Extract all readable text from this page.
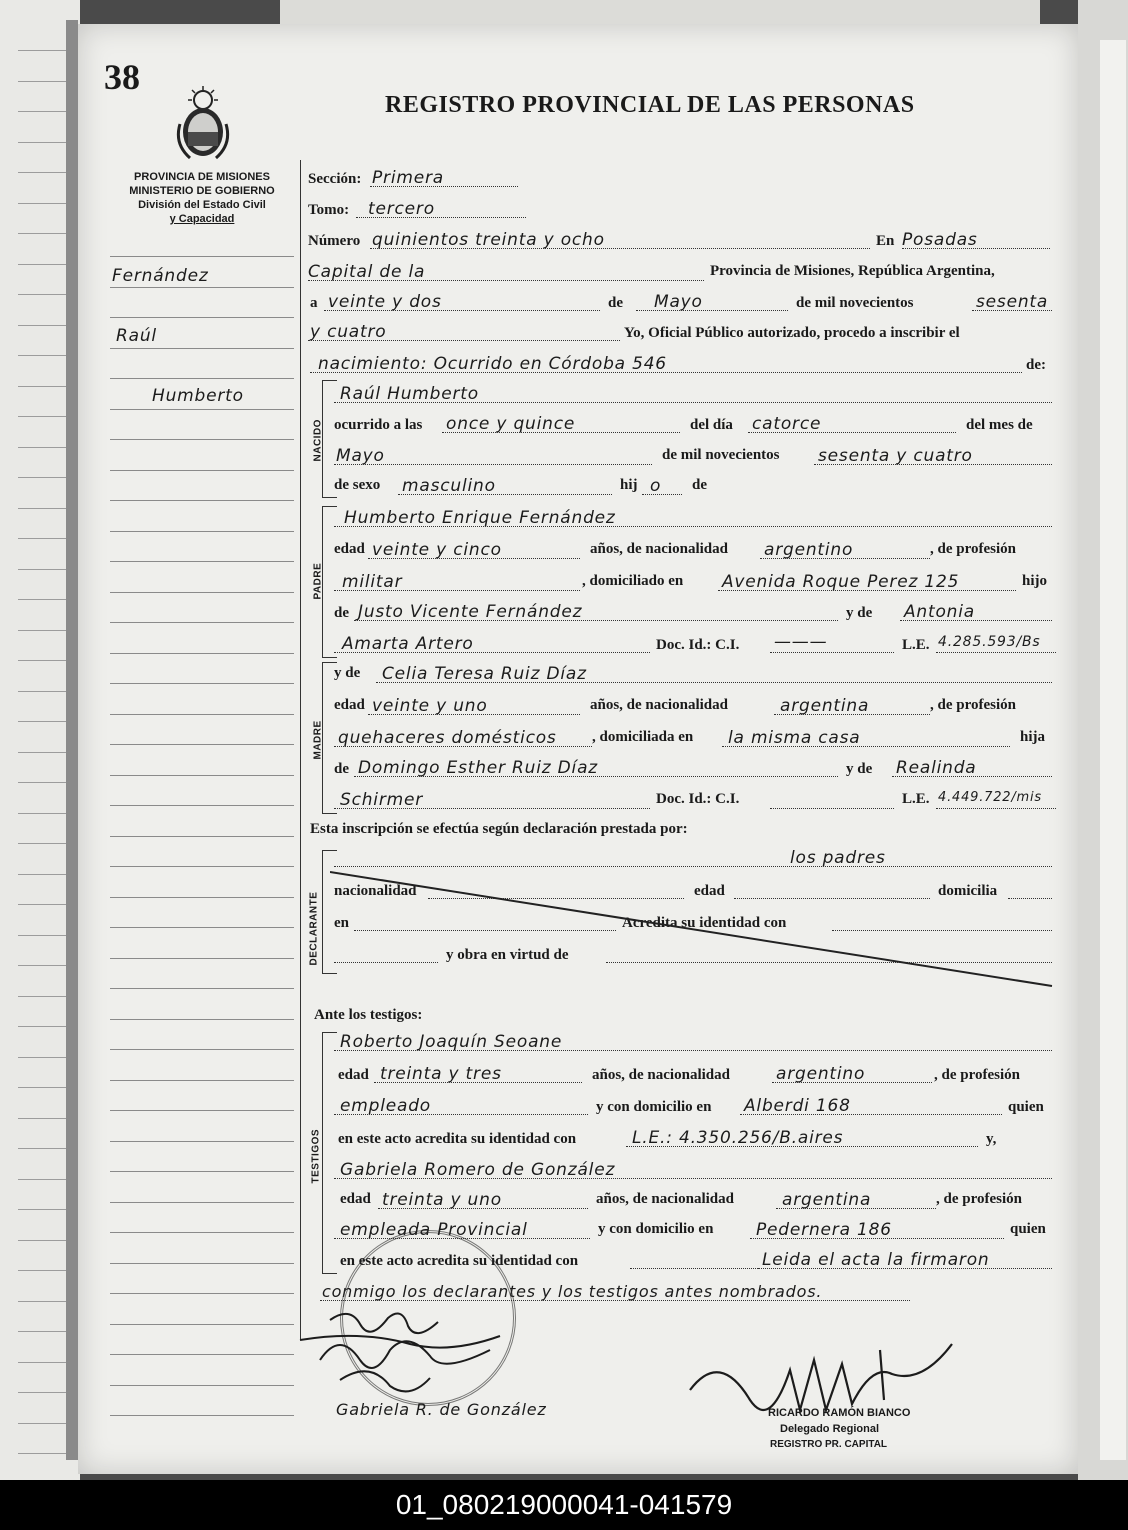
38
REGISTRO PROVINCIAL DE LAS PERSONAS
PROVINCIA DE MISIONES
MINISTERIO DE GOBIERNO
División del Estado Civil
y Capacidad
Fernández
Raúl
Humberto
Sección: Primera
Tomo: tercero
Número quinientos treinta y ocho	En Posadas
Capital de la	Provincia de Misiones, República Argentina,
a veinte y dos	de Mayo	de mil novecientos	sesenta
y cuatro	Yo, Oficial Público autorizado, procedo a inscribir el
nacimiento: Ocurrido en Córdoba 546	de:
NACIDO
Raúl Humberto
ocurrido a las once y quince	del día catorce	del mes de
Mayo	de mil novecientos sesenta y cuatro
de sexo masculino	hij o de
PADRE
Humberto Enrique Fernández
edad veinte y cinco	años, de nacionalidad argentino	, de profesión
militar	, domiciliado en Avenida Roque Perez 125	hijo
de Justo Vicente Fernández	y de Antonia
Amarta Artero	Doc. Id.: C.I. ———	L.E. 4.285.593/Bs
MADRE
y de Celia Teresa Ruiz Díaz
edad veinte y uno	años, de nacionalidad	argentina	, de profesión
quehaceres domésticos , domiciliada en la misma casa	hija
de Domingo Esther Ruiz Díaz	y de Realinda
Schirmer	Doc. Id.: C.I.	L.E. 4.449.722/mis
Esta inscripción se efectúa según declaración prestada por:
DECLARANTE
los padres
nacionalidad	edad	domicilia
en	Acredita su identidad con
y obra en virtud de
Ante los testigos:
TESTIGOS
Roberto Joaquín Seoane
edad treinta y tres	años, de nacionalidad	argentino	, de profesión
empleado	y con domicilio en Alberdi 168	quien
en este acto acredita su identidad con	L.E.: 4.350.256/B.aires	y,
Gabriela Romero de González
edad treinta y uno	años, de nacionalidad	argentina	, de profesión
empleada Provincial	y con domicilio en	Pedernera 186	quien
en este acto acredita su identidad con	Leida el acta la firmaron
conmigo los declarantes y los testigos antes nombrados.
Gabriela R. de González	RICARDO RAMÓN BIANCO
Delegado Regional
REGISTRO PR. CAPITAL
01_080219000041-041579
